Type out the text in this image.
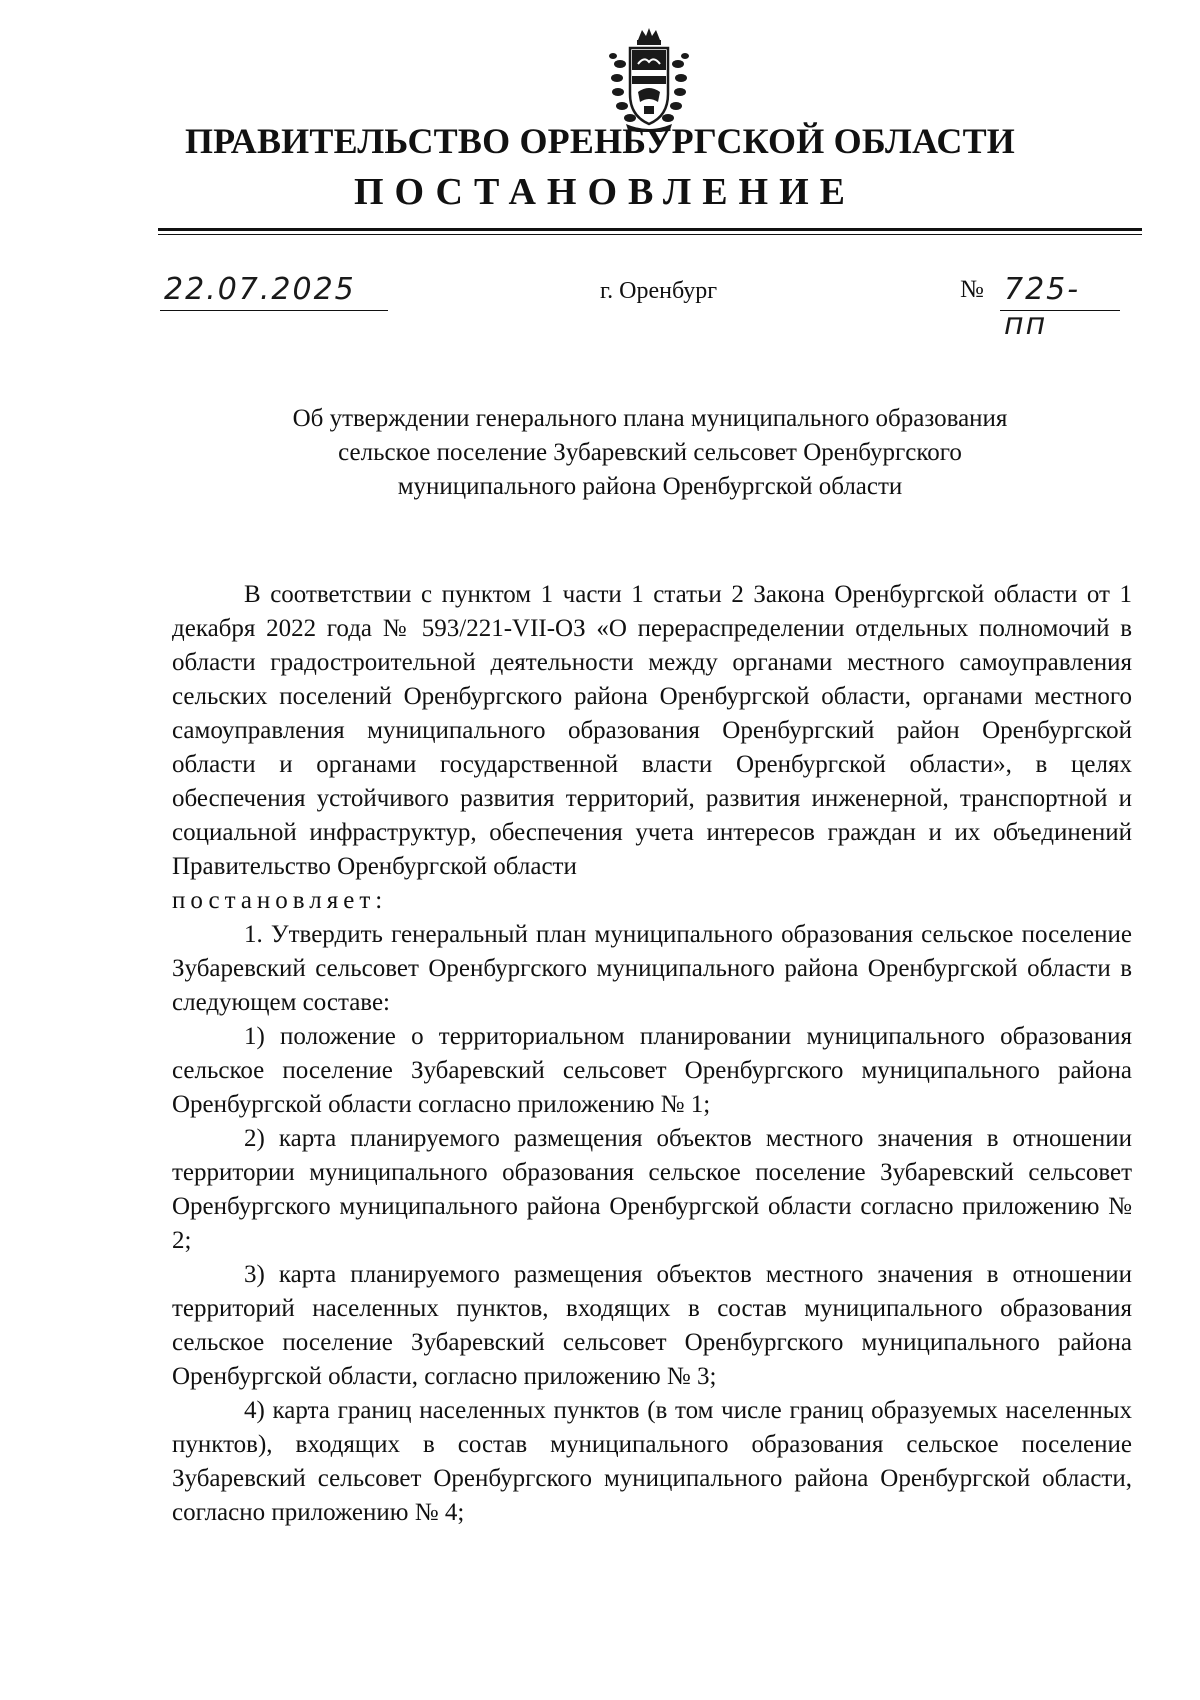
ПРАВИТЕЛЬСТВО ОРЕНБУРГСКОЙ ОБЛАСТИ
ПОСТАНОВЛЕНИЕ
22.07.2025	г. Оренбург	№ 725-пп
Об утверждении генерального плана муниципального образования
сельское поселение Зубаревский сельсовет Оренбургского
муниципального района Оренбургской области

В соответствии с пунктом 1 части 1 статьи 2 Закона Оренбургской области от 1 декабря 2022 года № 593/221-VII-ОЗ «О перераспределении отдельных полномочий в области градостроительной деятельности между органами местного самоуправления сельских поселений Оренбургского района Оренбургской области, органами местного самоуправления муниципального образования Оренбургский район Оренбургской области и органами государственной власти Оренбургской области», в целях обеспечения устойчивого развития территорий, развития инженерной, транспортной и социальной инфраструктур, обеспечения учета интересов граждан и их объединений Правительство Оренбургской области

постановляет:

1. Утвердить генеральный план муниципального образования сельское поселение Зубаревский сельсовет Оренбургского муниципального района Оренбургской области в следующем составе:

1) положение о территориальном планировании муниципального образования сельское поселение Зубаревский сельсовет Оренбургского муниципального района Оренбургской области согласно приложению № 1;

2) карта планируемого размещения объектов местного значения в отношении территории муниципального образования сельское поселение Зубаревский сельсовет Оренбургского муниципального района Оренбургской области согласно приложению № 2;

3) карта планируемого размещения объектов местного значения в отношении территорий населенных пунктов, входящих в состав муниципального образования сельское поселение Зубаревский сельсовет Оренбургского муниципального района Оренбургской области, согласно приложению № 3;

4) карта границ населенных пунктов (в том числе границ образуемых населенных пунктов), входящих в состав муниципального образования сельское поселение Зубаревский сельсовет Оренбургского муниципального района Оренбургской области, согласно приложению № 4;
